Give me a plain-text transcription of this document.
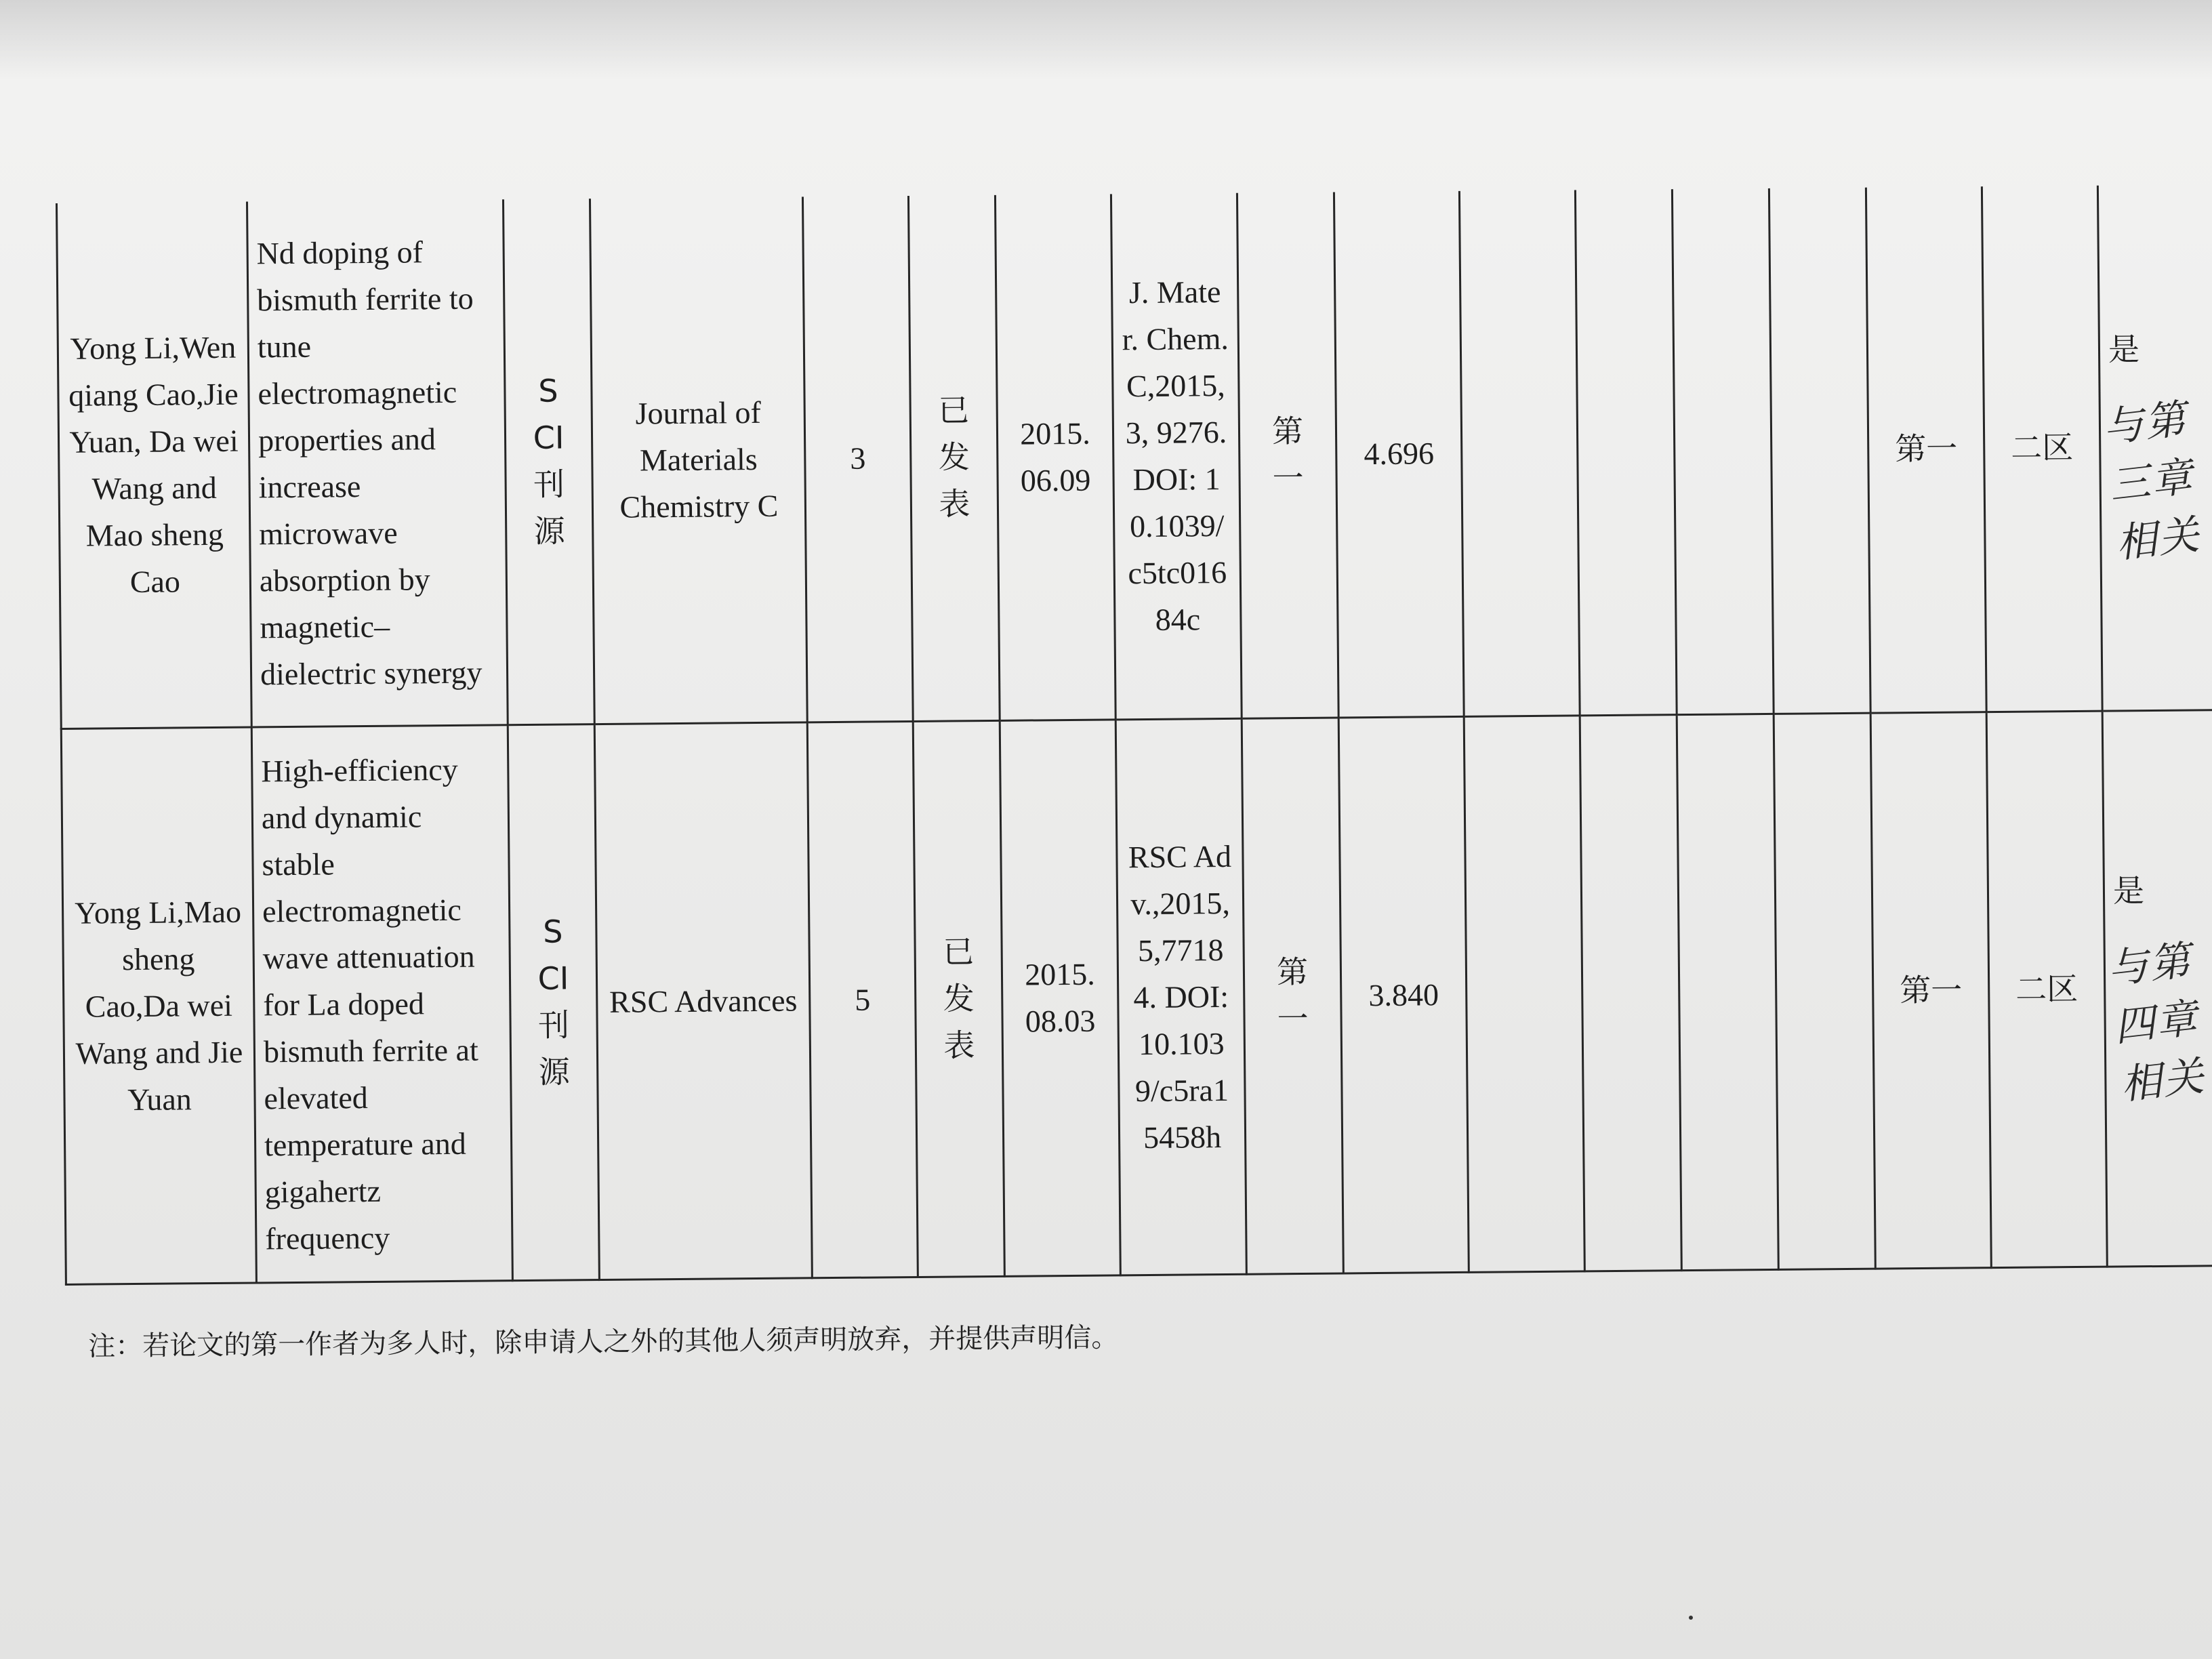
Yong Li,Wen qiang Cao,Jie Yuan, Da wei Wang and Mao sheng Cao	Nd doping of bismuth ferrite to tune electromagnetic properties and increase microwave absorption by magnetic–dielectric synergy	SCI刊源	Journal of Materials Chemistry C	3	已发表	2015. 06.09	J. Mater. Chem. C,2015, 3, 9276. DOI: 10.1039/c5tc01684c	第一	4.696					第一	二区	是
与第三章相关

Yong Li,Mao sheng Cao,Da wei Wang and Jie Yuan	High-efficiency and dynamic stable electromagnetic wave attenuation for La doped bismuth ferrite at elevated temperature and gigahertz frequency	SCI刊源	RSC Advances	5	已发表	2015. 08.03	RSC Adv.,2015,5,77184. DOI: 10.1039/c5ra15458h	第一	3.840					第一	二区	是
与第四章相关
注：若论文的第一作者为多人时，除申请人之外的其他人须声明放弃，并提供声明信。
